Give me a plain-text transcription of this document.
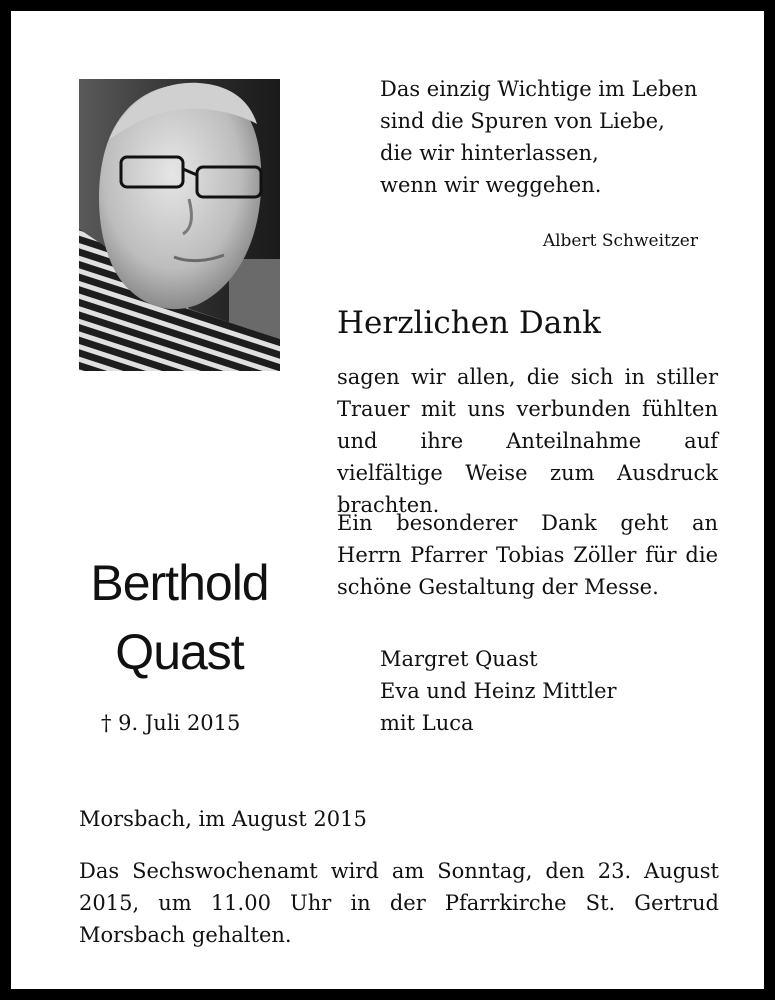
Das einzig Wichtige im Leben
sind die Spuren von Liebe,
die wir hinterlassen,
wenn wir weggehen.
Albert Schweitzer
Herzlichen Dank
sagen wir allen, die sich in stiller Trauer mit uns verbunden fühlten und ihre Anteilnahme auf vielfältige Weise zum Ausdruck brachten.
Ein besonderer Dank geht an Herrn Pfarrer Tobias Zöller für die schöne Gestaltung der Messe.
Berthold
Quast
† 9. Juli 2015
Margret Quast
Eva und Heinz Mittler
mit Luca
Morsbach, im August 2015
Das Sechswochenamt wird am Sonntag, den 23. August 2015, um 11.00 Uhr in der Pfarrkirche St. Gertrud Morsbach gehalten.
